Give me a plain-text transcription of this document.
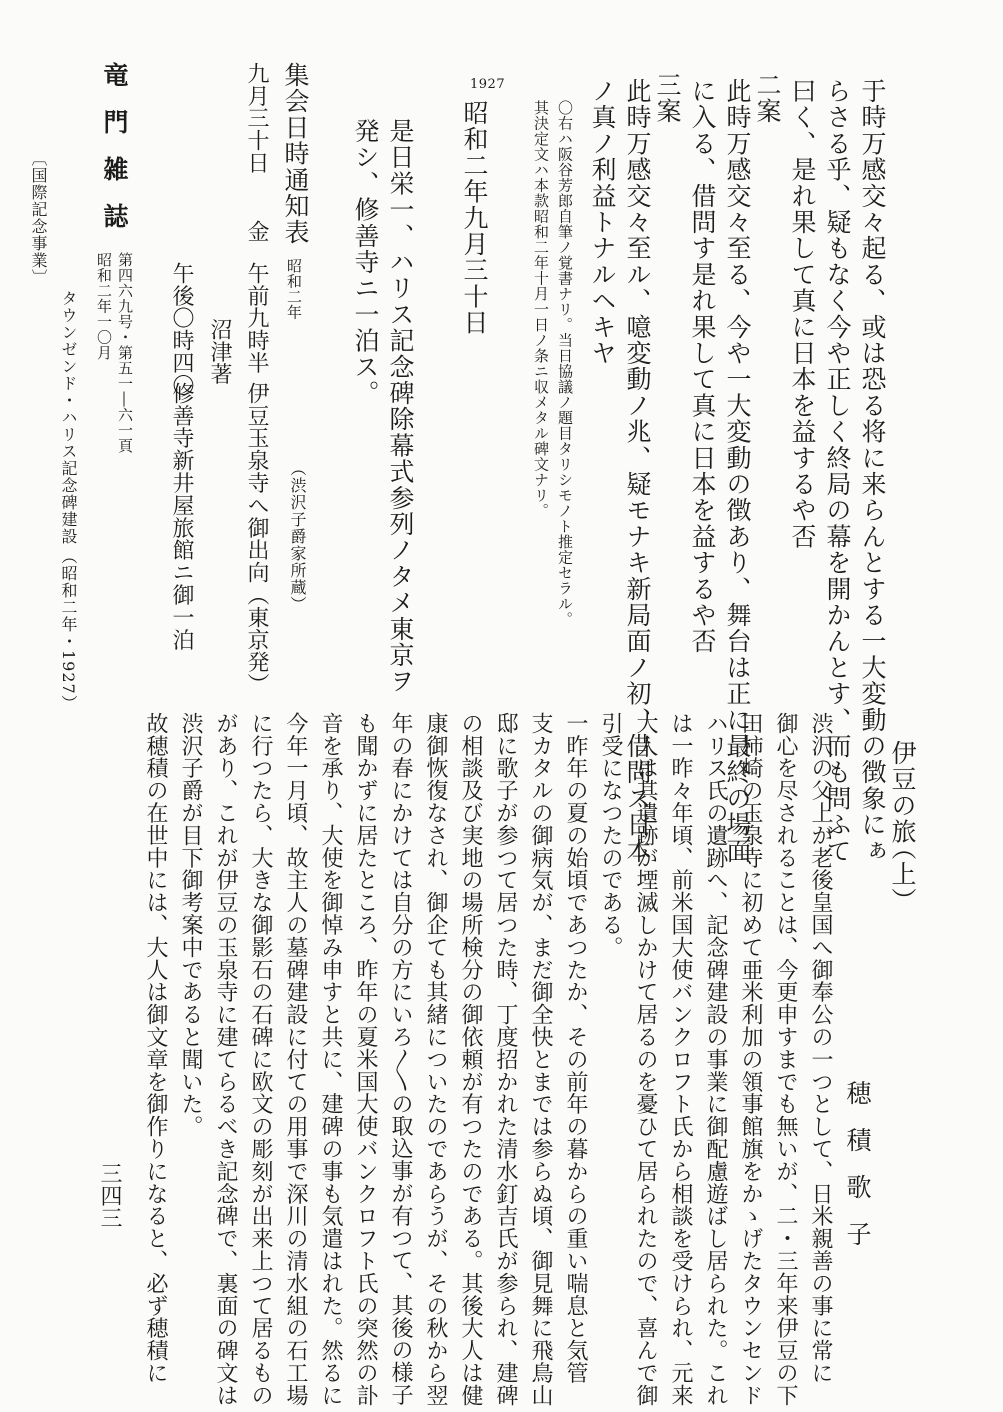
于時万感交々起る、或は恐る将に来らんとする一大変動の徴象にぁ
らさる乎、疑もなく今や正しく終局の幕を開かんとす、而も問ふて
曰く、是れ果して真に日本を益するや否
二案
此時万感交々至る、今や一大変動の徴あり、舞台は正に最終の場面
に入る、借問す是れ果して真に日本を益するや否
三案
此時万感交々至ル、噫変動ノ兆、疑モナキ新局面ノ初、借問ス日本
ノ真ノ利益トナルヘキヤ
〇右ハ阪谷芳郎自筆ノ覚書ナリ。当日協議ノ題目タリシモノト推定セラル。
其決定文ハ本款昭和二年十月一日ノ条ニ収メタル碑文ナリ。
1927
昭和二年九月三十日
是日栄一、ハリス記念碑除幕式参列ノタメ東京ヲ
発シ、修善寺ニ一泊ス。
集会日時通知表
昭和二年
（渋沢子爵家所蔵）
九月三十日
金
午前九時半
伊豆玉泉寺へ御出向（東京発）
沼津著
午後〇時四〇
修善寺新井屋旅館ニ御一泊
竜門雑誌
第四六九号・第五一―六一頁
昭和二年一〇月
〔国際記念事業〕
タウンゼンド・ハリス記念碑建設
（昭和二年・1927）
伊豆の旅
（上）
穂積歌子
渋沢の父上が老後皇国へ御奉公の一つとして、日米親善の事に常に
御心を尽されることは、今更申すまでも無いが、二・三年来伊豆の下
田柿崎の玉泉寺に初めて亜米利加の領事館旗をかゝげたタウンセンド
ハリス氏の遺跡へ、記念碑建設の事業に御配慮遊ばし居られた。これ
は一昨々年頃、前米国大使バンクロフト氏から相談を受けられ、元来
大人は其遺跡が堙滅しかけて居るのを憂ひて居られたので、喜んで御
引受になつたのである。
一昨年の夏の始頃であつたか、その前年の暮からの重い喘息と気管
支カタルの御病気が、まだ御全快とまでは参らぬ頃、御見舞に飛鳥山
邸に歌子が参つて居つた時、丁度招かれた清水釘吉氏が参られ、建碑
の相談及び実地の場所検分の御依頼が有つたのである。其後大人は健
康御恢復なされ、御企ても其緒についたのであらうが、その秋から翌
年の春にかけては自分の方にいろ〳〵の取込事が有つて、其後の様子
も聞かずに居たところ、昨年の夏米国大使バンクロフト氏の突然の訃
音を承り、大使を御悼み申すと共に、建碑の事も気遣はれた。然るに
今年一月頃、故主人の墓碑建設に付ての用事で深川の清水組の石工場
に行つたら、大きな御影石の石碑に欧文の彫刻が出来上つて居るもの
があり、これが伊豆の玉泉寺に建てらるべき記念碑で、裏面の碑文は
渋沢子爵が目下御考案中であると聞いた。
故穂積の在世中には、大人は御文章を御作りになると、必ず穂積に
三四三
